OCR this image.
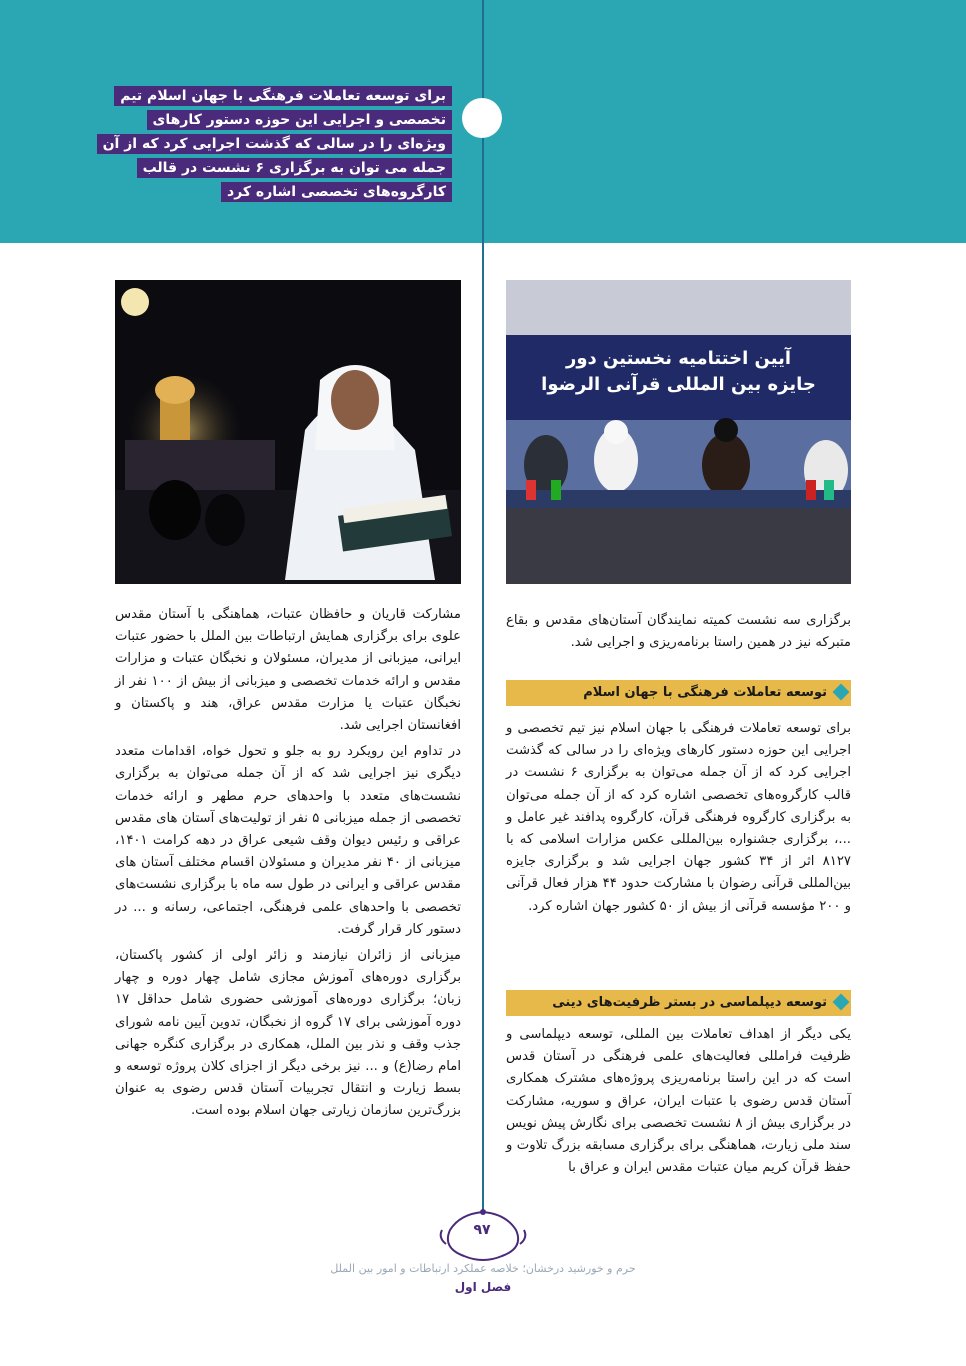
برای توسعه تعاملات فرهنگی با جهان اسلام تیم تخصصی و اجرایی این حوزه دستور کارهای ویژه‌ای را در سالی که گذشت اجرایی کرد که از آن جمله می توان به برگزاری ۶ نشست در قالب کارگروه‌های تخصصی اشاره کرد
آیین اختتامیه نخستین دور
جایزه بین المللی قرآنی الرضوا

مشارکت قاریان و حافظان عتبات، هماهنگی با آستان مقدس علوی برای برگزاری همایش ارتباطات بین الملل با حضور عتبات ایرانی، میزبانی از مدیران، مسئولان و نخبگان عتبات و مزارات مقدس و ارائه خدمات تخصصی و میزبانی از بیش از ۱۰۰ نفر از نخبگان عتبات یا مزارت مقدس عراق، هند و پاکستان و افغانستان اجرایی شد.

در تداوم این رویکرد رو به جلو و تحول خواه، اقدامات متعدد دیگری نیز اجرایی شد که از آن جمله می‌توان به برگزاری نشست‌های متعدد با واحدهای حرم مطهر و ارائه خدمات تخصصی از جمله میزبانی ۵ نفر از تولیت‌های آستان های مقدس عراقی و رئیس دیوان وقف شیعی عراق در دهه کرامت ۱۴۰۱، میزبانی از ۴۰ نفر مدیران و مسئولان اقسام مختلف آستان های مقدس عراقی و ایرانی در طول سه ماه با برگزاری نشست‌های تخصصی با واحدهای علمی فرهنگی، اجتماعی، رسانه و ... در دستور کار قرار گرفت.

میزبانی از زائران نیازمند و زائر اولی از کشور پاکستان، برگزاری دوره‌های آموزش مجازی شامل چهار دوره و چهار زبان؛ برگزاری دوره‌های آموزشی حضوری شامل حداقل ۱۷ دوره آموزشی برای ۱۷ گروه از نخبگان، تدوین آیین نامه شورای جذب وقف و نذر بین الملل، همکاری در برگزاری کنگره جهانی امام رضا(ع) و ... نیز برخی دیگر از اجزای کلان پروژه توسعه و بسط زیارت و انتقال تجربیات آستان قدس رضوی به عنوان بزرگ‌ترین سازمان زیارتی جهان اسلام بوده است.

برگزاری سه نشست کمیته نمایندگان آستان‌های مقدس و بقاع متبرکه نیز در همین راستا برنامه‌ریزی و اجرایی شد.

توسعه تعاملات فرهنگی با جهان اسلام

برای توسعه تعاملات فرهنگی با جهان اسلام نیز تیم تخصصی و اجرایی این حوزه دستور کارهای ویژه‌ای را در سالی که گذشت اجرایی کرد که از آن جمله می‌توان به برگزاری ۶ نشست در قالب کارگروه‌های تخصصی اشاره کرد که از آن جمله می‌توان به برگزاری کارگروه فرهنگی قرآن، کارگروه پدافند غیر عامل و ...، برگزاری جشنواره بین‌المللی عکس مزارات اسلامی که با ۸۱۲۷ اثر از ۳۴ کشور جهان اجرایی شد و برگزاری جایزه بین‌المللی قرآنی رضوان با مشارکت حدود ۴۴ هزار فعال قرآنی و ۲۰۰ مؤسسه قرآنی از بیش از ۵۰ کشور جهان اشاره کرد.

توسعه دیپلماسی در بستر ظرفیت‌های دینی

یکی دیگر از اهداف تعاملات بین المللی، توسعه دیپلماسی و ظرفیت فرامللی فعالیت‌های علمی فرهنگی در آستان قدس است که در این راستا برنامه‌ریزی پروژه‌های مشترک همکاری آستان قدس رضوی با عتبات ایران، عراق و سوریه، مشارکت در برگزاری بیش از ۸ نشست تخصصی برای نگارش پیش نویس سند ملی زیارت، هماهنگی برای برگزاری مسابقه بزرگ تلاوت و حفظ قرآن کریم میان عتبات مقدس ایران و عراق با

۹۷
حرم و خورشید درخشان؛ خلاصه عملکرد ارتباطات و امور بین الملل
فصل اول
